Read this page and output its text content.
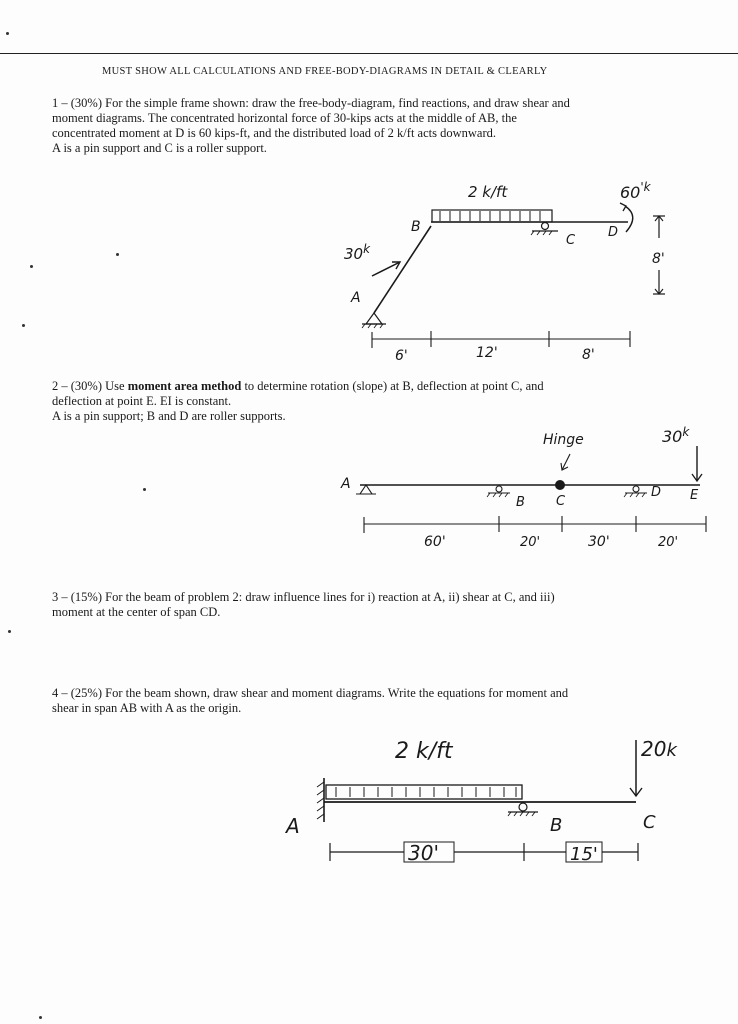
MUST SHOW ALL CALCULATIONS AND FREE-BODY-DIAGRAMS IN DETAIL & CLEARLY

1 – (30%) For the simple frame shown: draw the free-body-diagram, find reactions, and draw shear and

moment diagrams. The concentrated horizontal force of 30-kips acts at the middle of AB, the

concentrated moment at D is 60 kips-ft, and the distributed load of 2 k/ft acts downward.

A is a pin support and C is a roller support.

2 k/ft
B
C
D
$60^{'k}$
8'
30$^k$
A
6'	12'	8'

2 – (30%) Use moment area method to determine rotation (slope) at B, deflection at point C, and

deflection at point E. EI is constant.

A is a pin support; B and D are roller supports.

A
B
Hinge
C
D E
30$^k$
60'	20'	30'	20'

3 – (15%) For the beam of problem 2: draw influence lines for i) reaction at A, ii) shear at C, and iii)

moment at the center of span CD.

4 – (25%) For the beam shown, draw shear and moment diagrams. Write the equations for moment and

shear in span AB with A as the origin.

A
2 k/ft
B
20k
C
30'	15'
